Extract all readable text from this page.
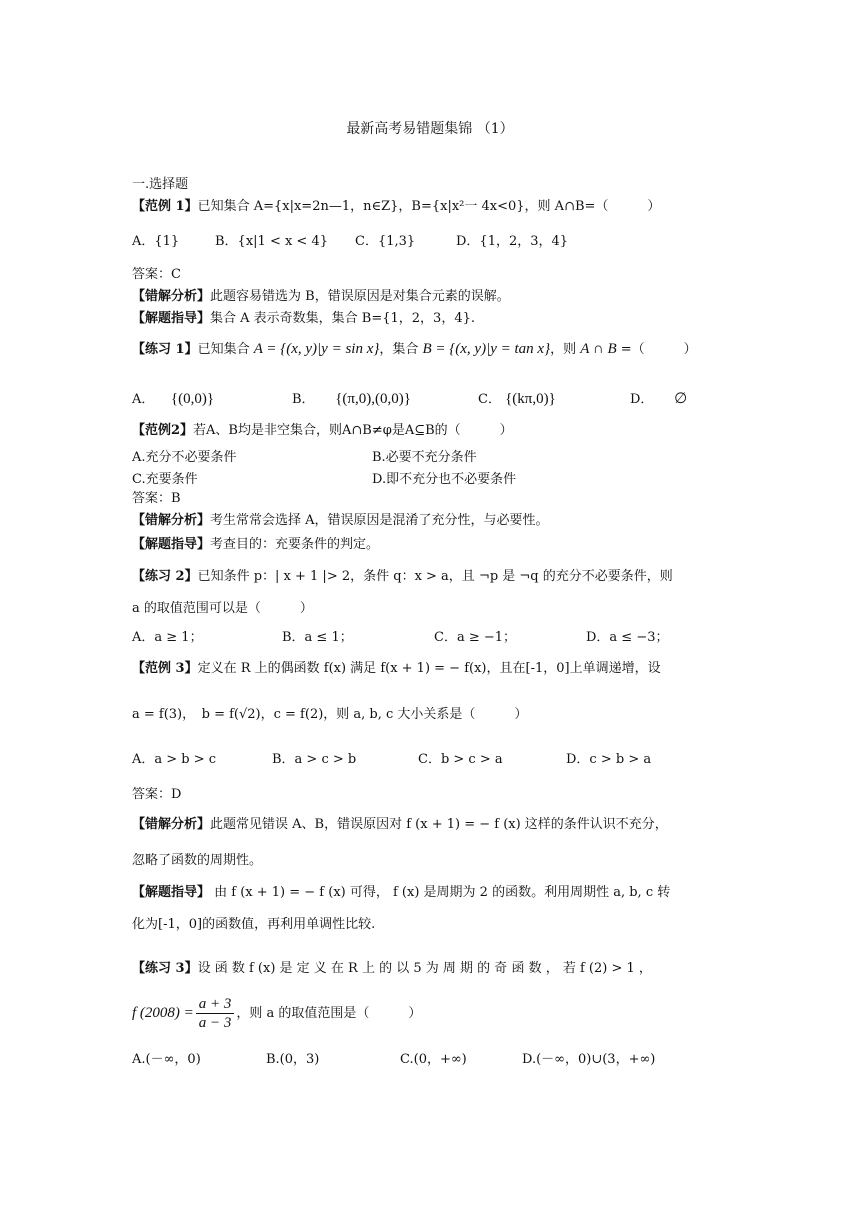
最新高考易错题集锦 （1）
一.选择题
【范例 1】已知集合 A={x|x=2n—1，n∈Z}，B={x|x²一 4x<0}，则 A∩B=（　　　）
A．{1}	B．{x|1 < x < 4} C．{1,3}	D．{1，2，3，4}
答案：C
【错解分析】此题容易错选为 B，错误原因是对集合元素的误解。
【解题指导】集合 A 表示奇数集，集合 B={1，2，3，4}.
【练习 1】已知集合 A = {(x, y)|y = sin x}，集合 B = {(x, y)|y = tan x}，则 A ∩ B =（　　　）
A． {(0,0)}	B． {(π,0),(0,0)}	C． {(kπ,0)}	D． ∅
【范例2】若A、B均是非空集合，则A∩B≠φ是A⊆B的（　　　）
A.充分不必要条件	B.必要不充分条件
C.充要条件	D.即不充分也不必要条件
答案：B
【错解分析】考生常常会选择 A，错误原因是混淆了充分性，与必要性。
【解题指导】考查目的：充要条件的判定。
【练习 2】已知条件 p：| x + 1 |> 2，条件 q：x > a，且 ¬p 是 ¬q 的充分不必要条件，则
a 的取值范围可以是（　　　）
A．a ≥ 1；	B．a ≤ 1；	C．a ≥ −1；	D．a ≤ −3；
【范例 3】定义在 R 上的偶函数 f(x) 满足 f(x + 1) = − f(x)，且在[-1，0]上单调递增，设
a = f(3)，　b = f(√2)，c = f(2)，则 a, b, c 大小关系是（　　　）
A．a > b > c	B．a > c > b	C．b > c > a	D．c > b > a
答案：D
【错解分析】此题常见错误 A、B，错误原因对 f (x + 1) = − f (x) 这样的条件认识不充分，
忽略了函数的周期性。
【解题指导】 由 f (x + 1) = − f (x) 可得， f (x) 是周期为 2 的函数。利用周期性 a, b, c 转
化为[-1，0]的函数值，再利用单调性比较.
【练习 3】设 函 数 f (x) 是 定 义 在 R 上 的 以 5 为 周 期 的 奇 函 数 ， 若 f (2) > 1 ，
f $(2008) = \frac{a + 3}{a - 3}$ ，则 a 的取值范围是（　　　）
A.(－∞，0)	B.(0，3)	C.(0，+∞)	D.(－∞，0)∪(3，+∞)
